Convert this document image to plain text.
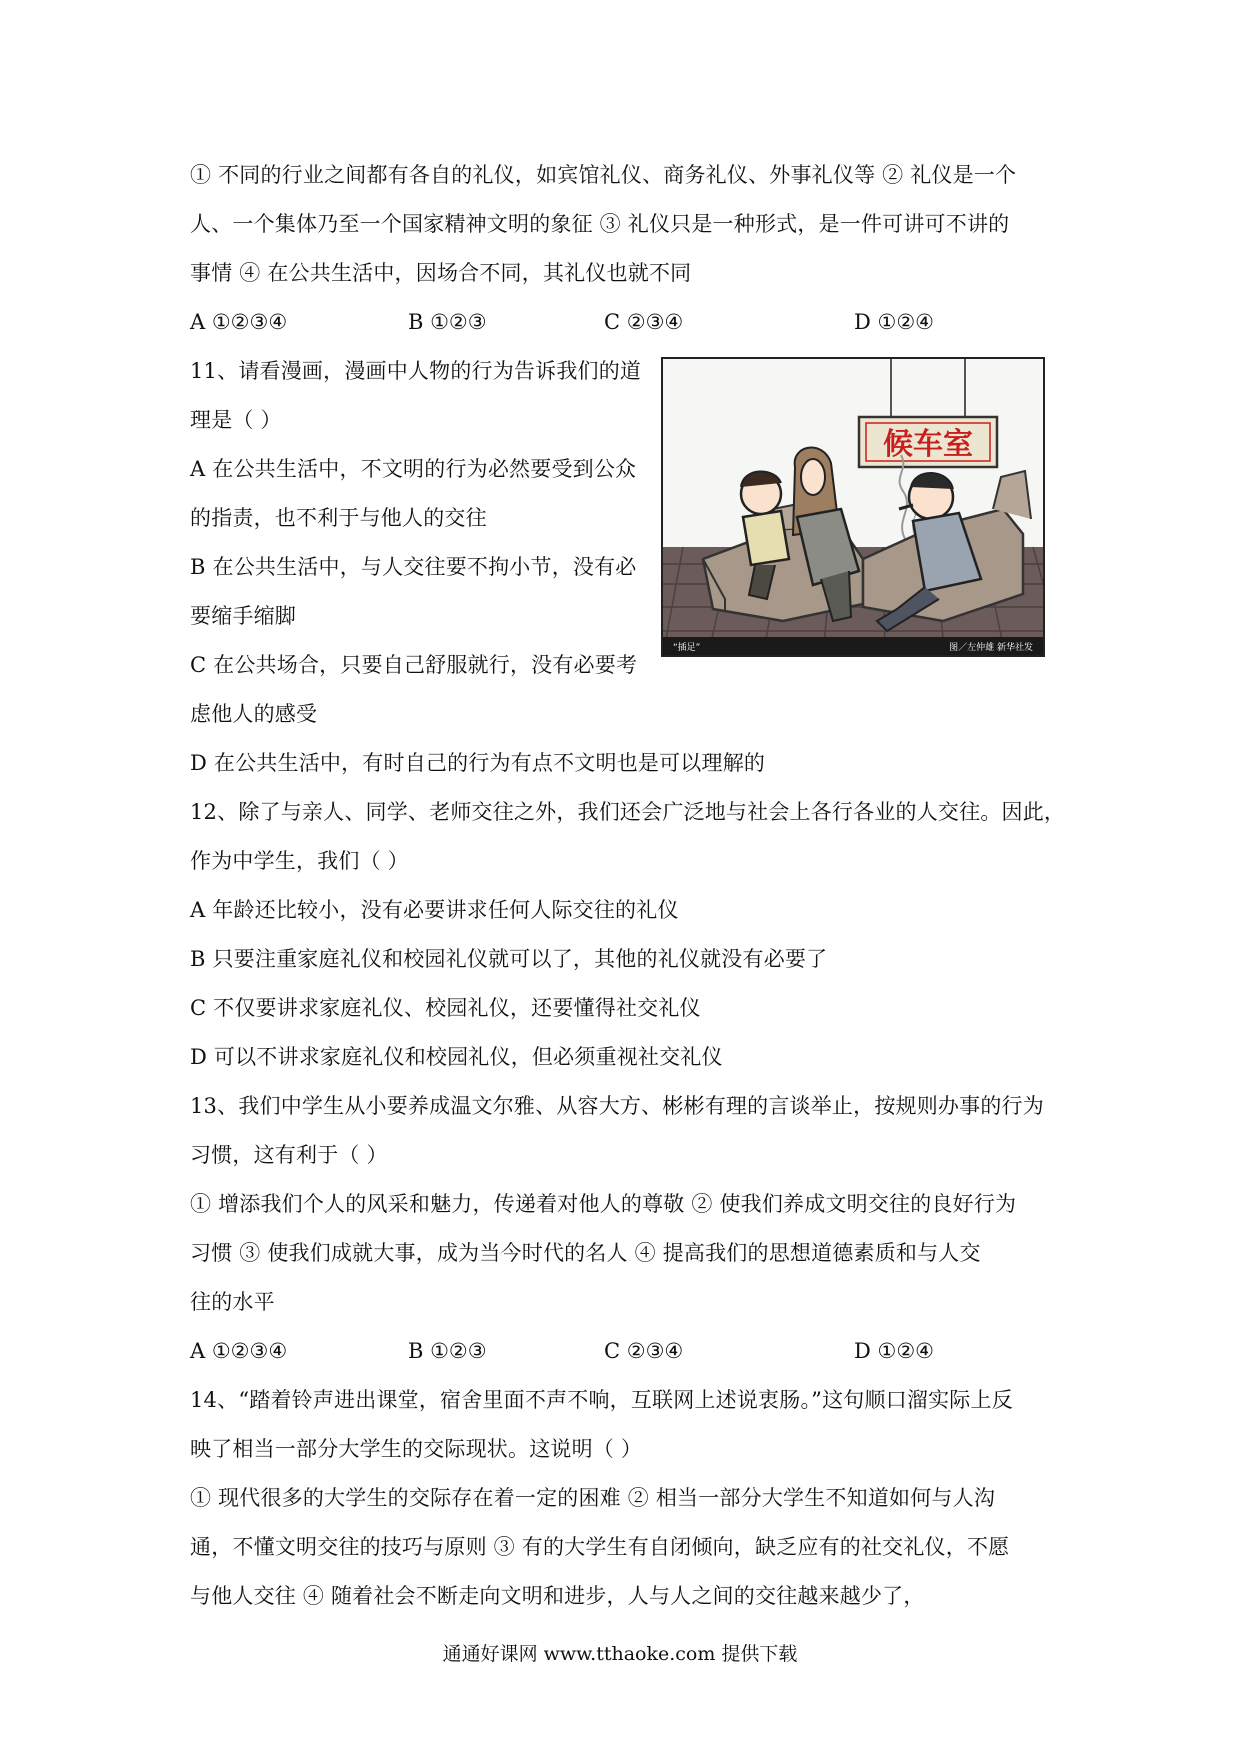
① 不同的行业之间都有各自的礼仪，如宾馆礼仪、商务礼仪、外事礼仪等 ② 礼仪是一个
人、一个集体乃至一个国家精神文明的象征 ③ 礼仪只是一种形式，是一件可讲可不讲的
事情 ④ 在公共生活中，因场合不同，其礼仪也就不同
A ①②③④	B ①②③	C ②③④	D ①②④
11、请看漫画，漫画中人物的行为告诉我们的道
理是（ ）
A 在公共生活中，不文明的行为必然要受到公众
的指责，也不利于与他人的交往
B 在公共生活中，与人交往要不拘小节，没有必
要缩手缩脚
C 在公共场合，只要自己舒服就行，没有必要考
虑他人的感受
D 在公共生活中，有时自己的行为有点不文明也是可以理解的
候车室
“插足”	图／左仲雄 新华社发
12、除了与亲人、同学、老师交往之外，我们还会广泛地与社会上各行各业的人交往。因此，
作为中学生，我们（ ）
A 年龄还比较小，没有必要讲求任何人际交往的礼仪
B 只要注重家庭礼仪和校园礼仪就可以了，其他的礼仪就没有必要了
C 不仅要讲求家庭礼仪、校园礼仪，还要懂得社交礼仪
D 可以不讲求家庭礼仪和校园礼仪，但必须重视社交礼仪
13、我们中学生从小要养成温文尔雅、从容大方、彬彬有理的言谈举止，按规则办事的行为
习惯，这有利于（ ）
① 增添我们个人的风采和魅力，传递着对他人的尊敬 ② 使我们养成文明交往的良好行为
习惯 ③ 使我们成就大事，成为当今时代的名人 ④ 提高我们的思想道德素质和与人交
往的水平
A ①②③④	B ①②③	C ②③④	D ①②④
14、“踏着铃声进出课堂，宿舍里面不声不响，互联网上述说衷肠。”这句顺口溜实际上反
映了相当一部分大学生的交际现状。这说明（ ）
① 现代很多的大学生的交际存在着一定的困难 ② 相当一部分大学生不知道如何与人沟
通，不懂文明交往的技巧与原则 ③ 有的大学生有自闭倾向，缺乏应有的社交礼仪，不愿
与他人交往 ④ 随着社会不断走向文明和进步，人与人之间的交往越来越少了，
通通好课网 www.tthaoke.com 提供下载
